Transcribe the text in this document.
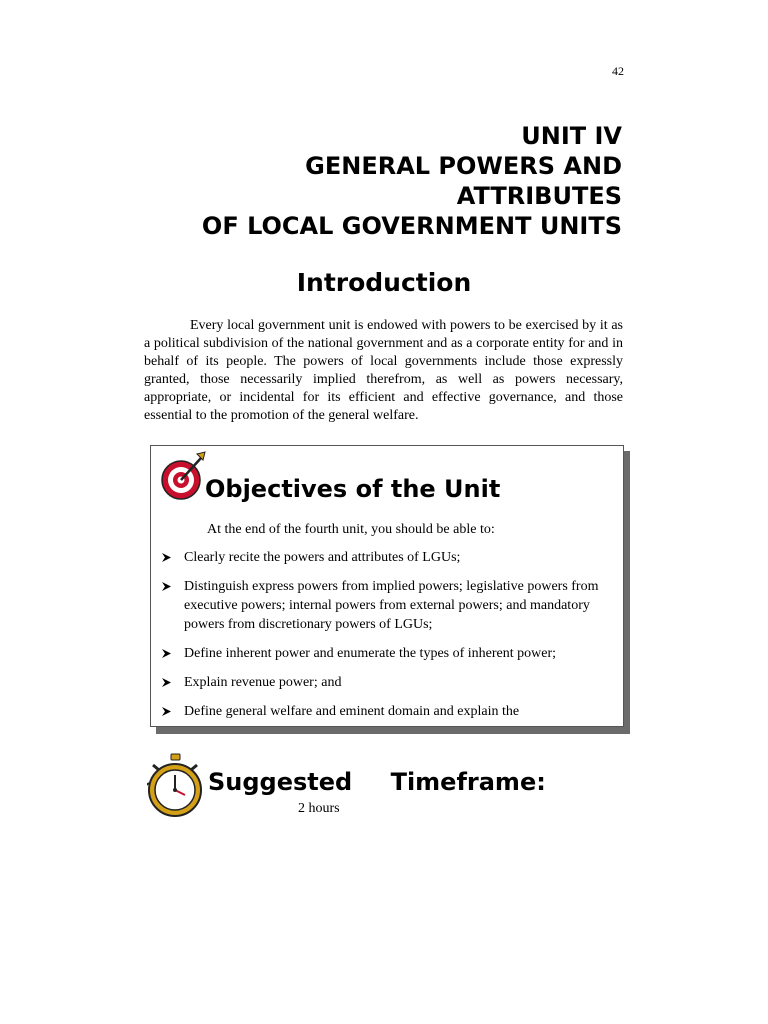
42
UNIT IV
GENERAL POWERS AND
ATTRIBUTES
OF LOCAL GOVERNMENT UNITS
Introduction

Every local government unit is endowed with powers to be exercised by it as a political subdivision of the national government and as a corporate entity for and in behalf of its people. The powers of local governments include those expressly granted, those necessarily implied therefrom, as well as powers necessary, appropriate, or incidental for its efficient and effective governance, and those essential to the promotion of the general welfare.

Objectives of the Unit
At the end of the fourth unit, you should be able to:
Clearly recite the powers and attributes of LGUs;
Distinguish express powers from implied powers; legislative powers from executive powers; internal powers from external powers; and mandatory powers from discretionary powers of LGUs;
Define inherent power and enumerate the types of inherent power;
Explain revenue power; and
Define general welfare and eminent domain and explain the
Suggested Timeframe:
2 hours
